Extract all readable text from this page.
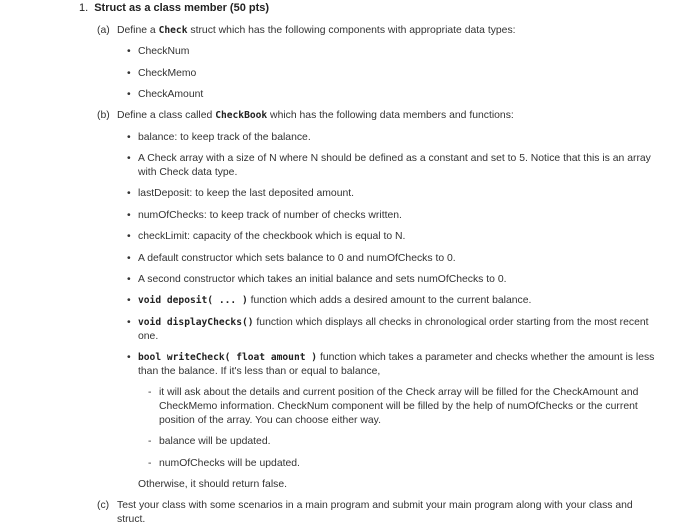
1. Struct as a class member (50 pts)
(a) Define a Check struct which has the following components with appropriate data types:
• CheckNum
• CheckMemo
• CheckAmount
(b) Define a class called CheckBook which has the following data members and functions:
• balance: to keep track of the balance.
• A Check array with a size of N where N should be defined as a constant and set to 5. Notice that this is an array with Check data type.
• lastDeposit: to keep the last deposited amount.
• numOfChecks: to keep track of number of checks written.
• checkLimit: capacity of the checkbook which is equal to N.
• A default constructor which sets balance to 0 and numOfChecks to 0.
• A second constructor which takes an initial balance and sets numOfChecks to 0.
• void deposit( ... ) function which adds a desired amount to the current balance.
• void displayChecks() function which displays all checks in chronological order starting from the most recent one.
• bool writeCheck( float amount ) function which takes a parameter and checks whether the amount is less than the balance. If it's less than or equal to balance,
- it will ask about the details and current position of the Check array will be filled for the CheckAmount and CheckMemo information. CheckNum component will be filled by the help of numOfChecks or the current position of the array. You can choose either way.
- balance will be updated.
- numOfChecks will be updated.
Otherwise, it should return false.
(c) Test your class with some scenarios in a main program and submit your main program along with your class and struct.
